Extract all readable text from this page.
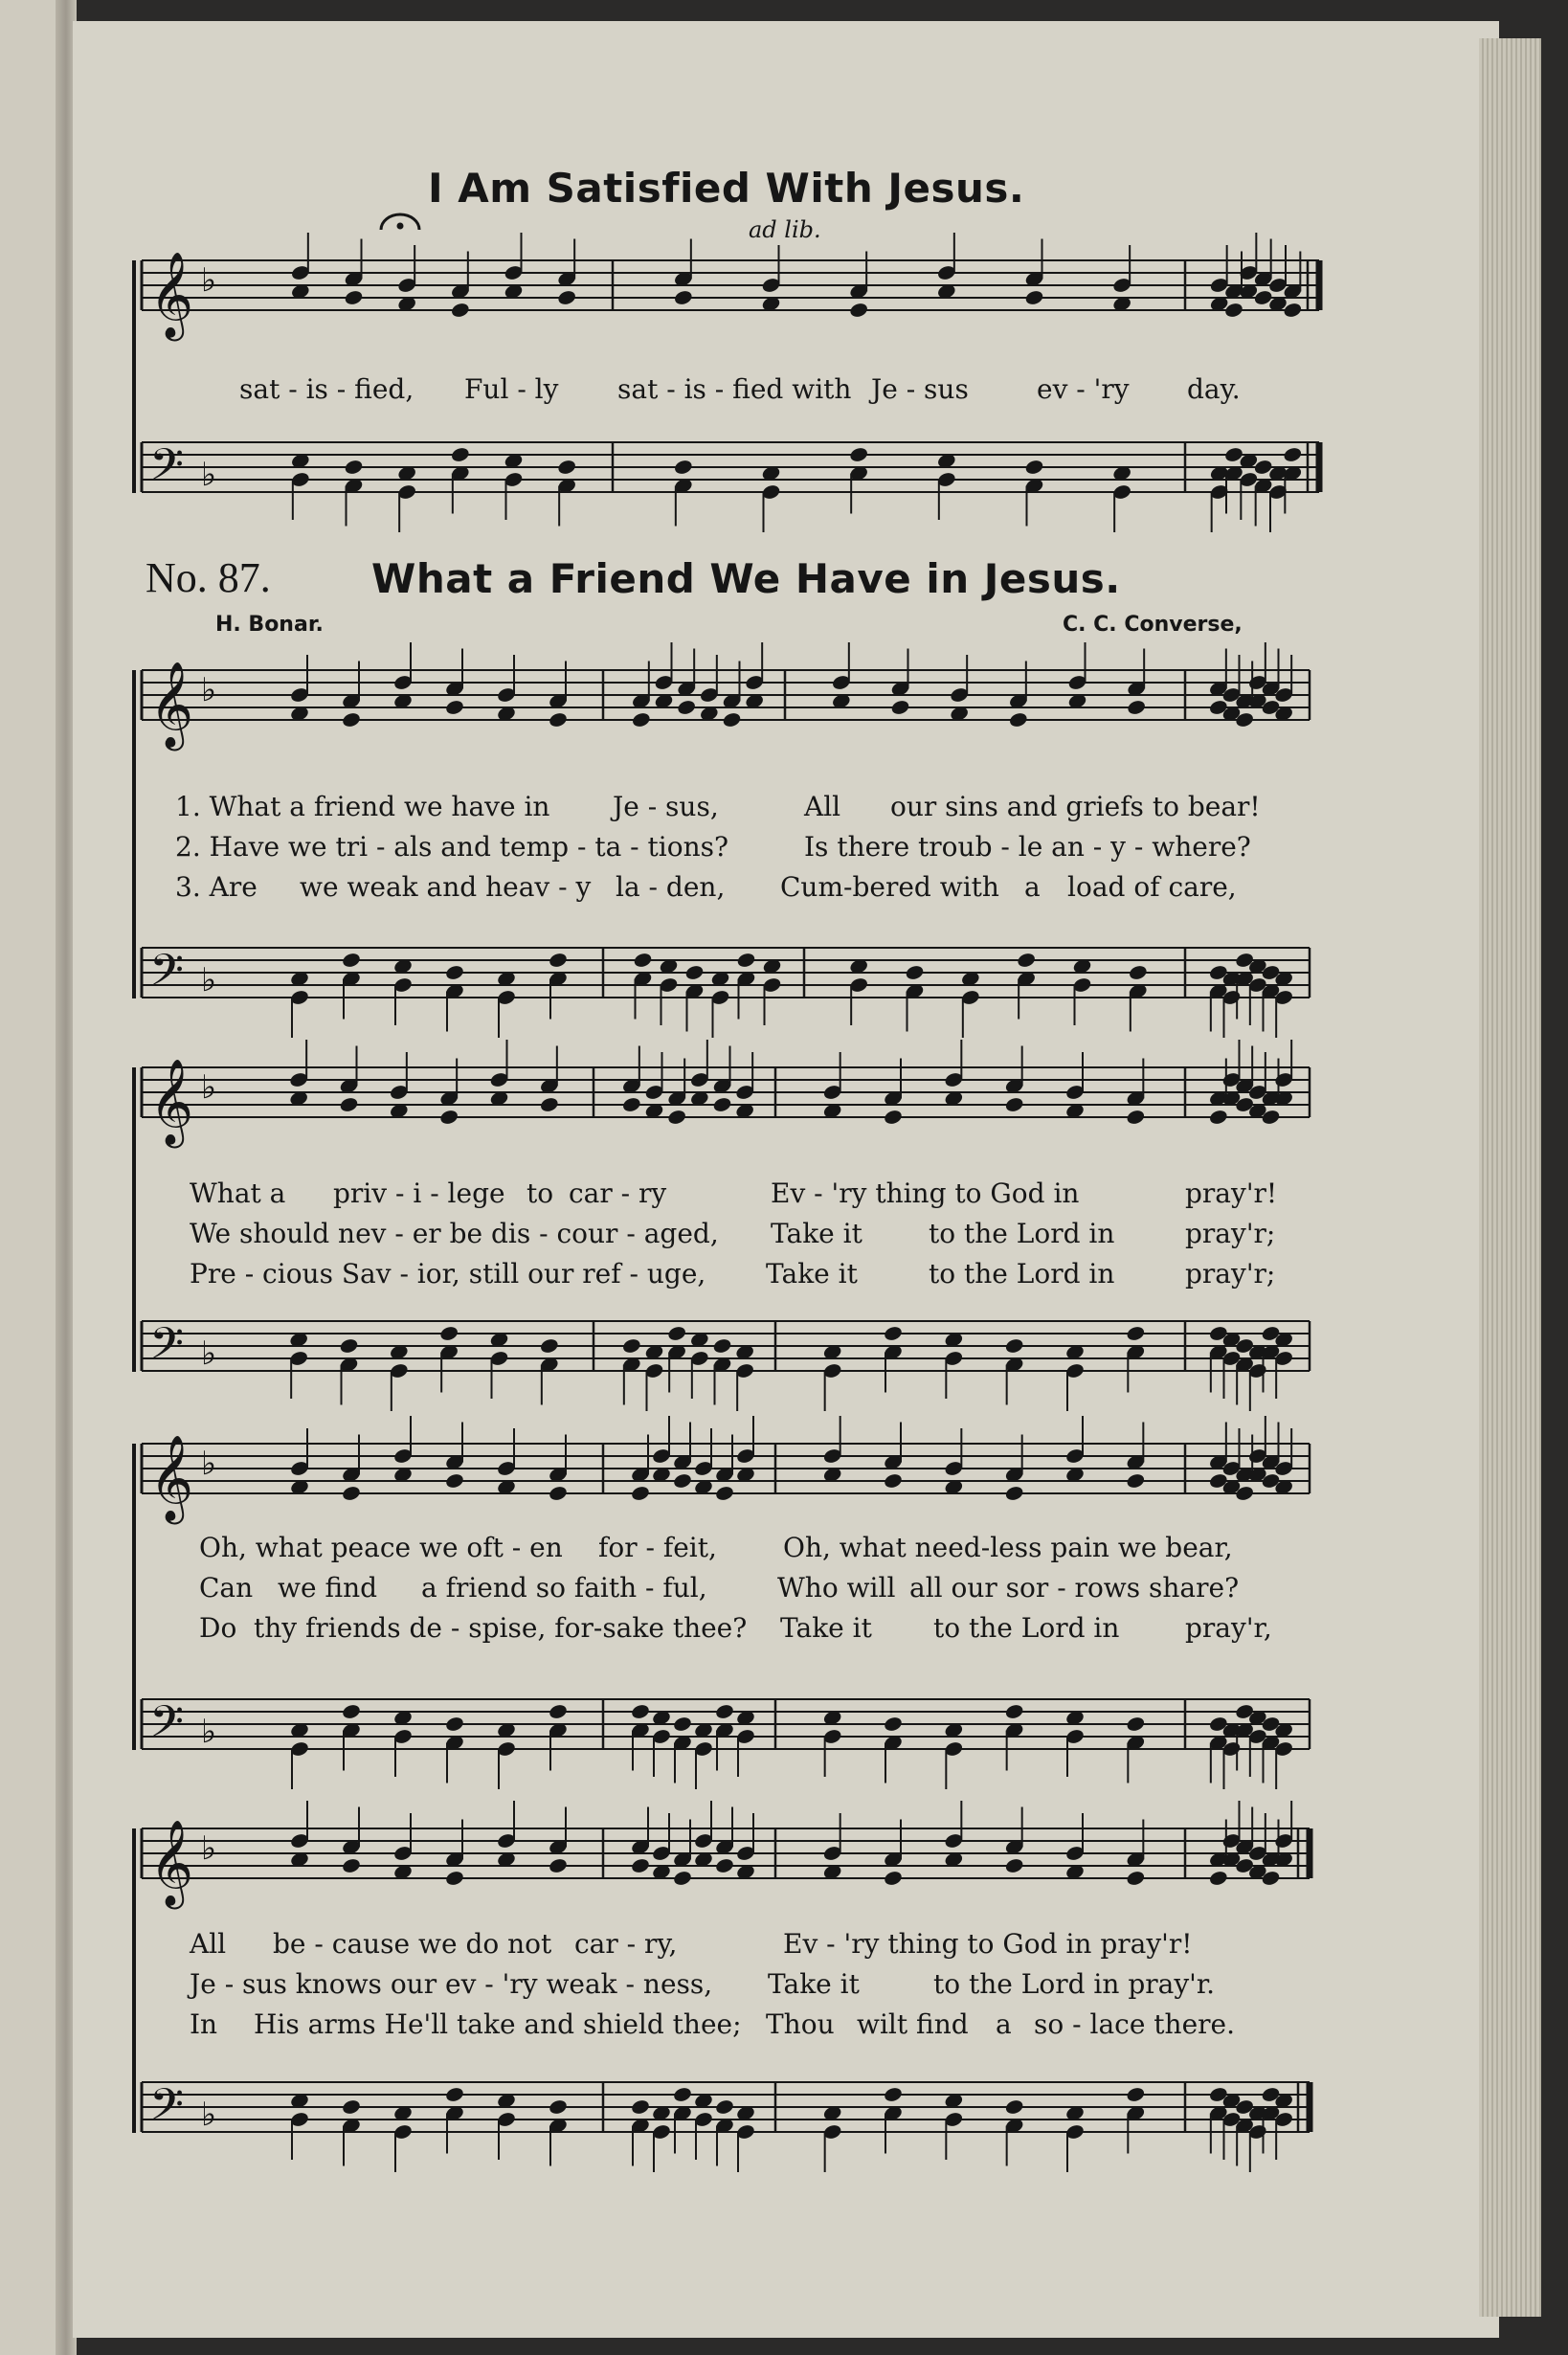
𝄞 ♭
𝄢 ♭
𝄞 ♭
𝄢 ♭
𝄞 ♭
𝄢 ♭
𝄞 ♭
𝄢 ♭
𝄞 ♭
𝄢 ♭
I Am Satisfied With Jesus.
ad lib.
sat - is - fied, Ful - ly sat - is - fied with Je - sus	ev - 'ry day.
No. 87.	What a Friend We Have in Jesus.
H. Bonar.	C. C. Converse,
1. What a friend we have in Je - sus,	All our sins and griefs to bear!
2. Have we tri - als and temp - ta - tions?	Is there troub - le an - y - where?
3. Are we weak and heav - y la - den, Cum-bered with a load of care,
What a priv - i - lege to car - ry	Ev - 'ry thing to God in	pray'r!
We should nev - er be dis - cour - aged, Take it to the Lord in	pray'r;
Pre - cious Sav - ior, still our ref - uge, Take it	to the Lord in	pray'r;
Oh, what peace we oft - en for - feit, Oh, what need-less pain we bear,
Can we find a friend so faith - ful,	Who will all our sor - rows share?
Do thy friends de - spise, for-sake thee? Take it to the Lord in pray'r,
All be - cause we do not car - ry,	Ev - 'ry thing to God in pray'r!
Je - sus knows our ev - 'ry weak - ness, Take it	to the Lord in pray'r.
In His arms He'll take and shield thee; Thou wilt find a so - lace there.
